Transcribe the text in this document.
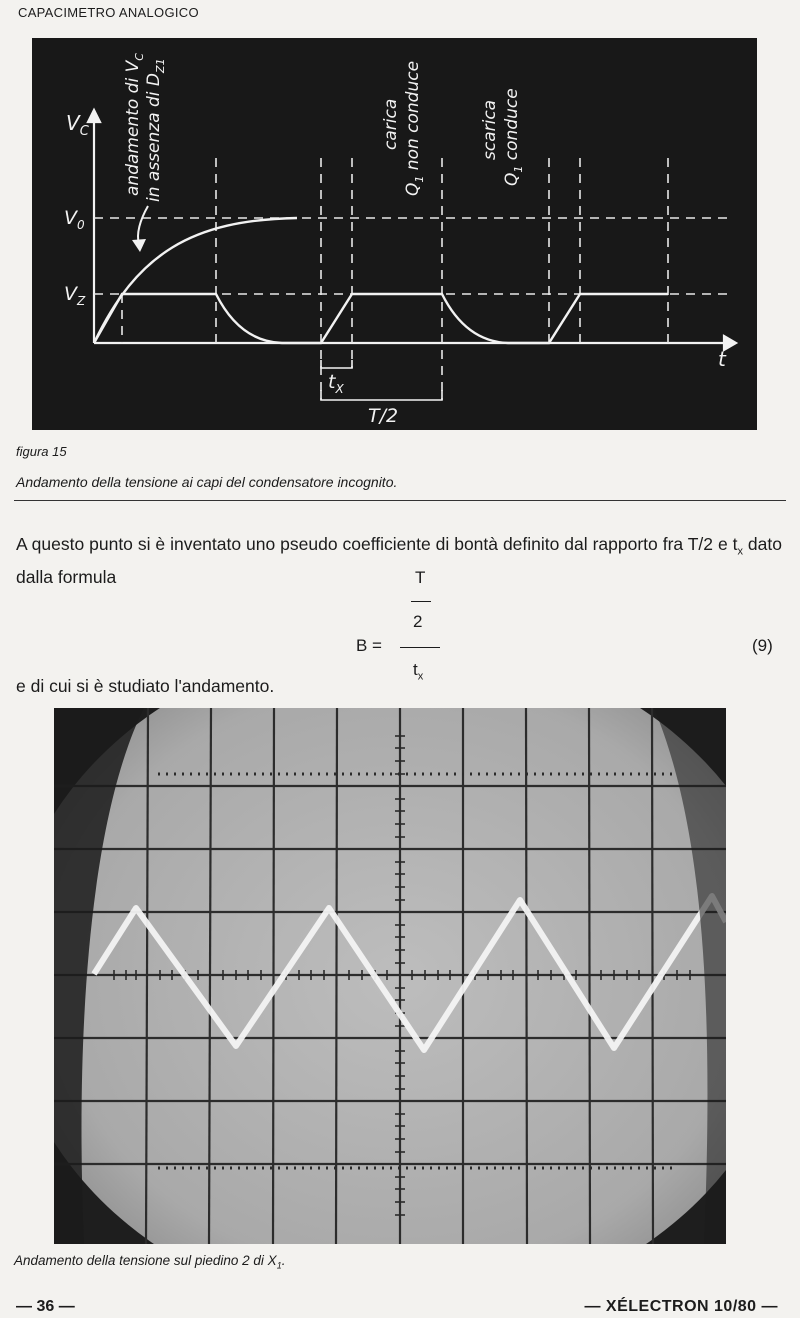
CAPACIMETRO ANALOGICO
$V_C$
t
$V_0$
$V_Z$
andamento di $V_C$
in assenza di $D_{Z1}$
carica
$Q_1$ non conduce	scarica
$Q_1$ conduce
$t_X$
T/2
figura 15
Andamento della tensione ai capi del condensatore incognito.
A questo punto si è inventato uno pseudo coefficiente di bontà definito dal rapporto fra T/2 e $t_x$ dato dalla formula
B =
T
2
$t_x$
(9)
e di cui si è studiato l'andamento.
Andamento della tensione sul piedino 2 di $X_1$.
— 36 —	— XÉLECTRON 10/80 —
